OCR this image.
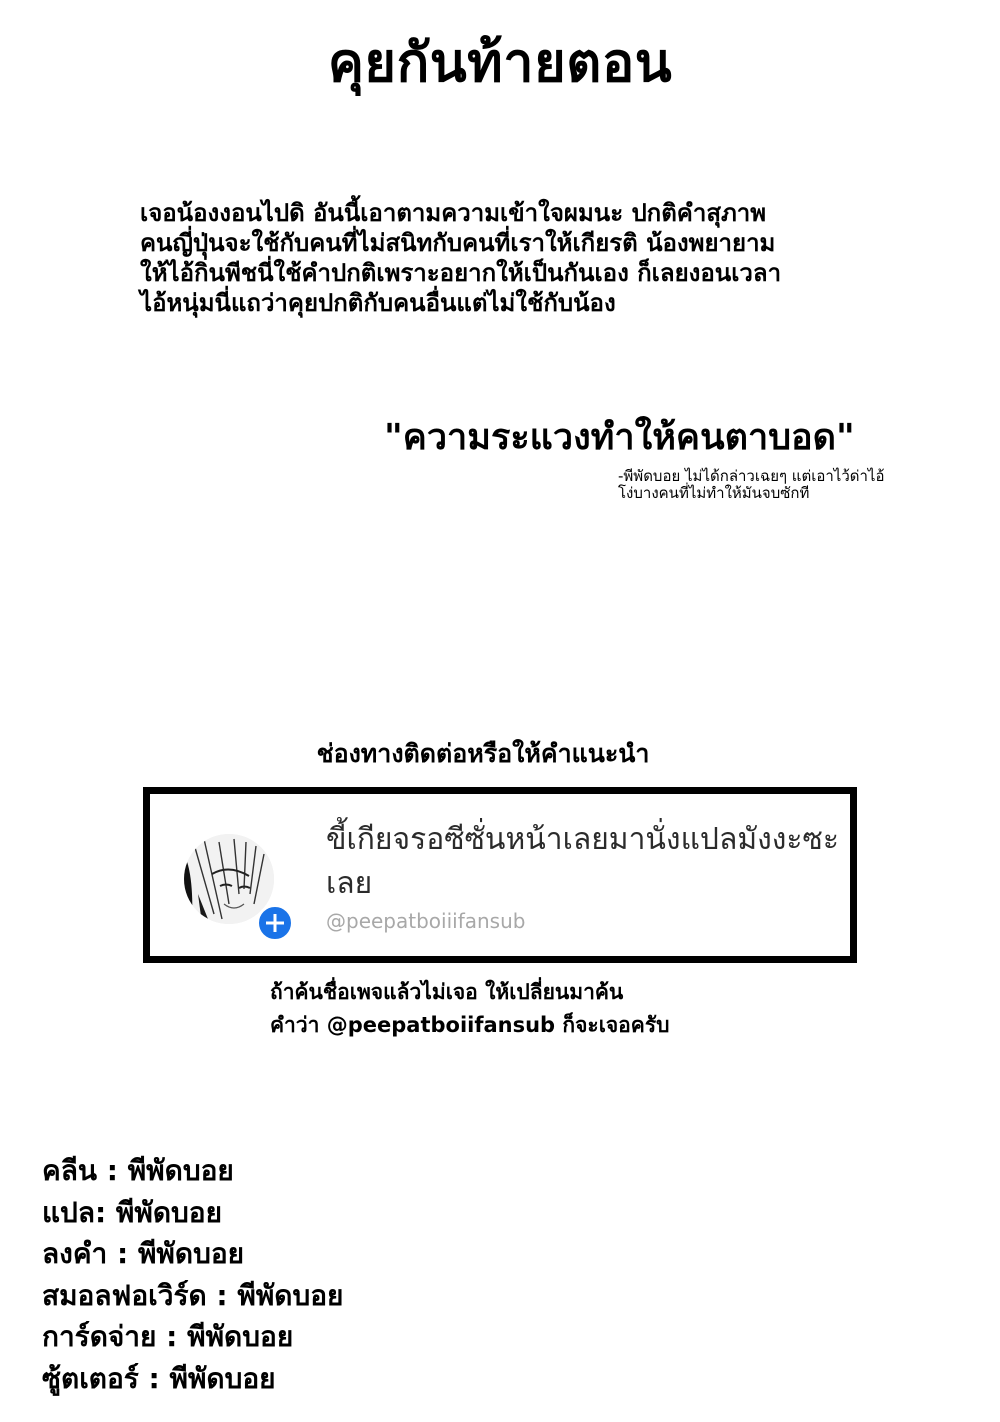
คุยกันท้ายตอน
เจอน้องงอนไปดิ อันนี้เอาตามความเข้าใจผมนะ ปกติคำสุภาพ
คนญี่ปุ่นจะใช้กับคนที่ไม่สนิทกับคนที่เราให้เกียรติ น้องพยายาม
ให้ไอ้กิ่นพีชนี่ใช้คำปกติเพราะอยากให้เป็นกันเอง ก็เลยงอนเวลา
ไอ้หนุ่มนี่แถว่าคุยปกติกับคนอื่นแต่ไม่ใช้กับน้อง
"ความระแวงทำให้คนตาบอด"
-พีพัดบอย ไม่ได้กล่าวเฉยๆ แต่เอาไว้ด่าไอ้
โง่บางคนที่ไม่ทำให้มันจบซักที
ช่องทางติดต่อหรือให้คำแนะนำ
ขี้เกียจรอซีซั่นหน้าเลยมานั่งแปลมังงะซะเลย
@peepatboiiifansub
ถ้าค้นชื่อเพจแล้วไม่เจอ ให้เปลี่ยนมาค้น
คำว่า @peepatboiifansub ก็จะเจอครับ
คลีน : พีพัดบอย
แปล: พีพัดบอย
ลงคำ : พีพัดบอย
สมอลฟอเวิร์ด : พีพัดบอย
การ์ดจ่าย : พีพัดบอย
ซู้ตเตอร์ : พีพัดบอย
